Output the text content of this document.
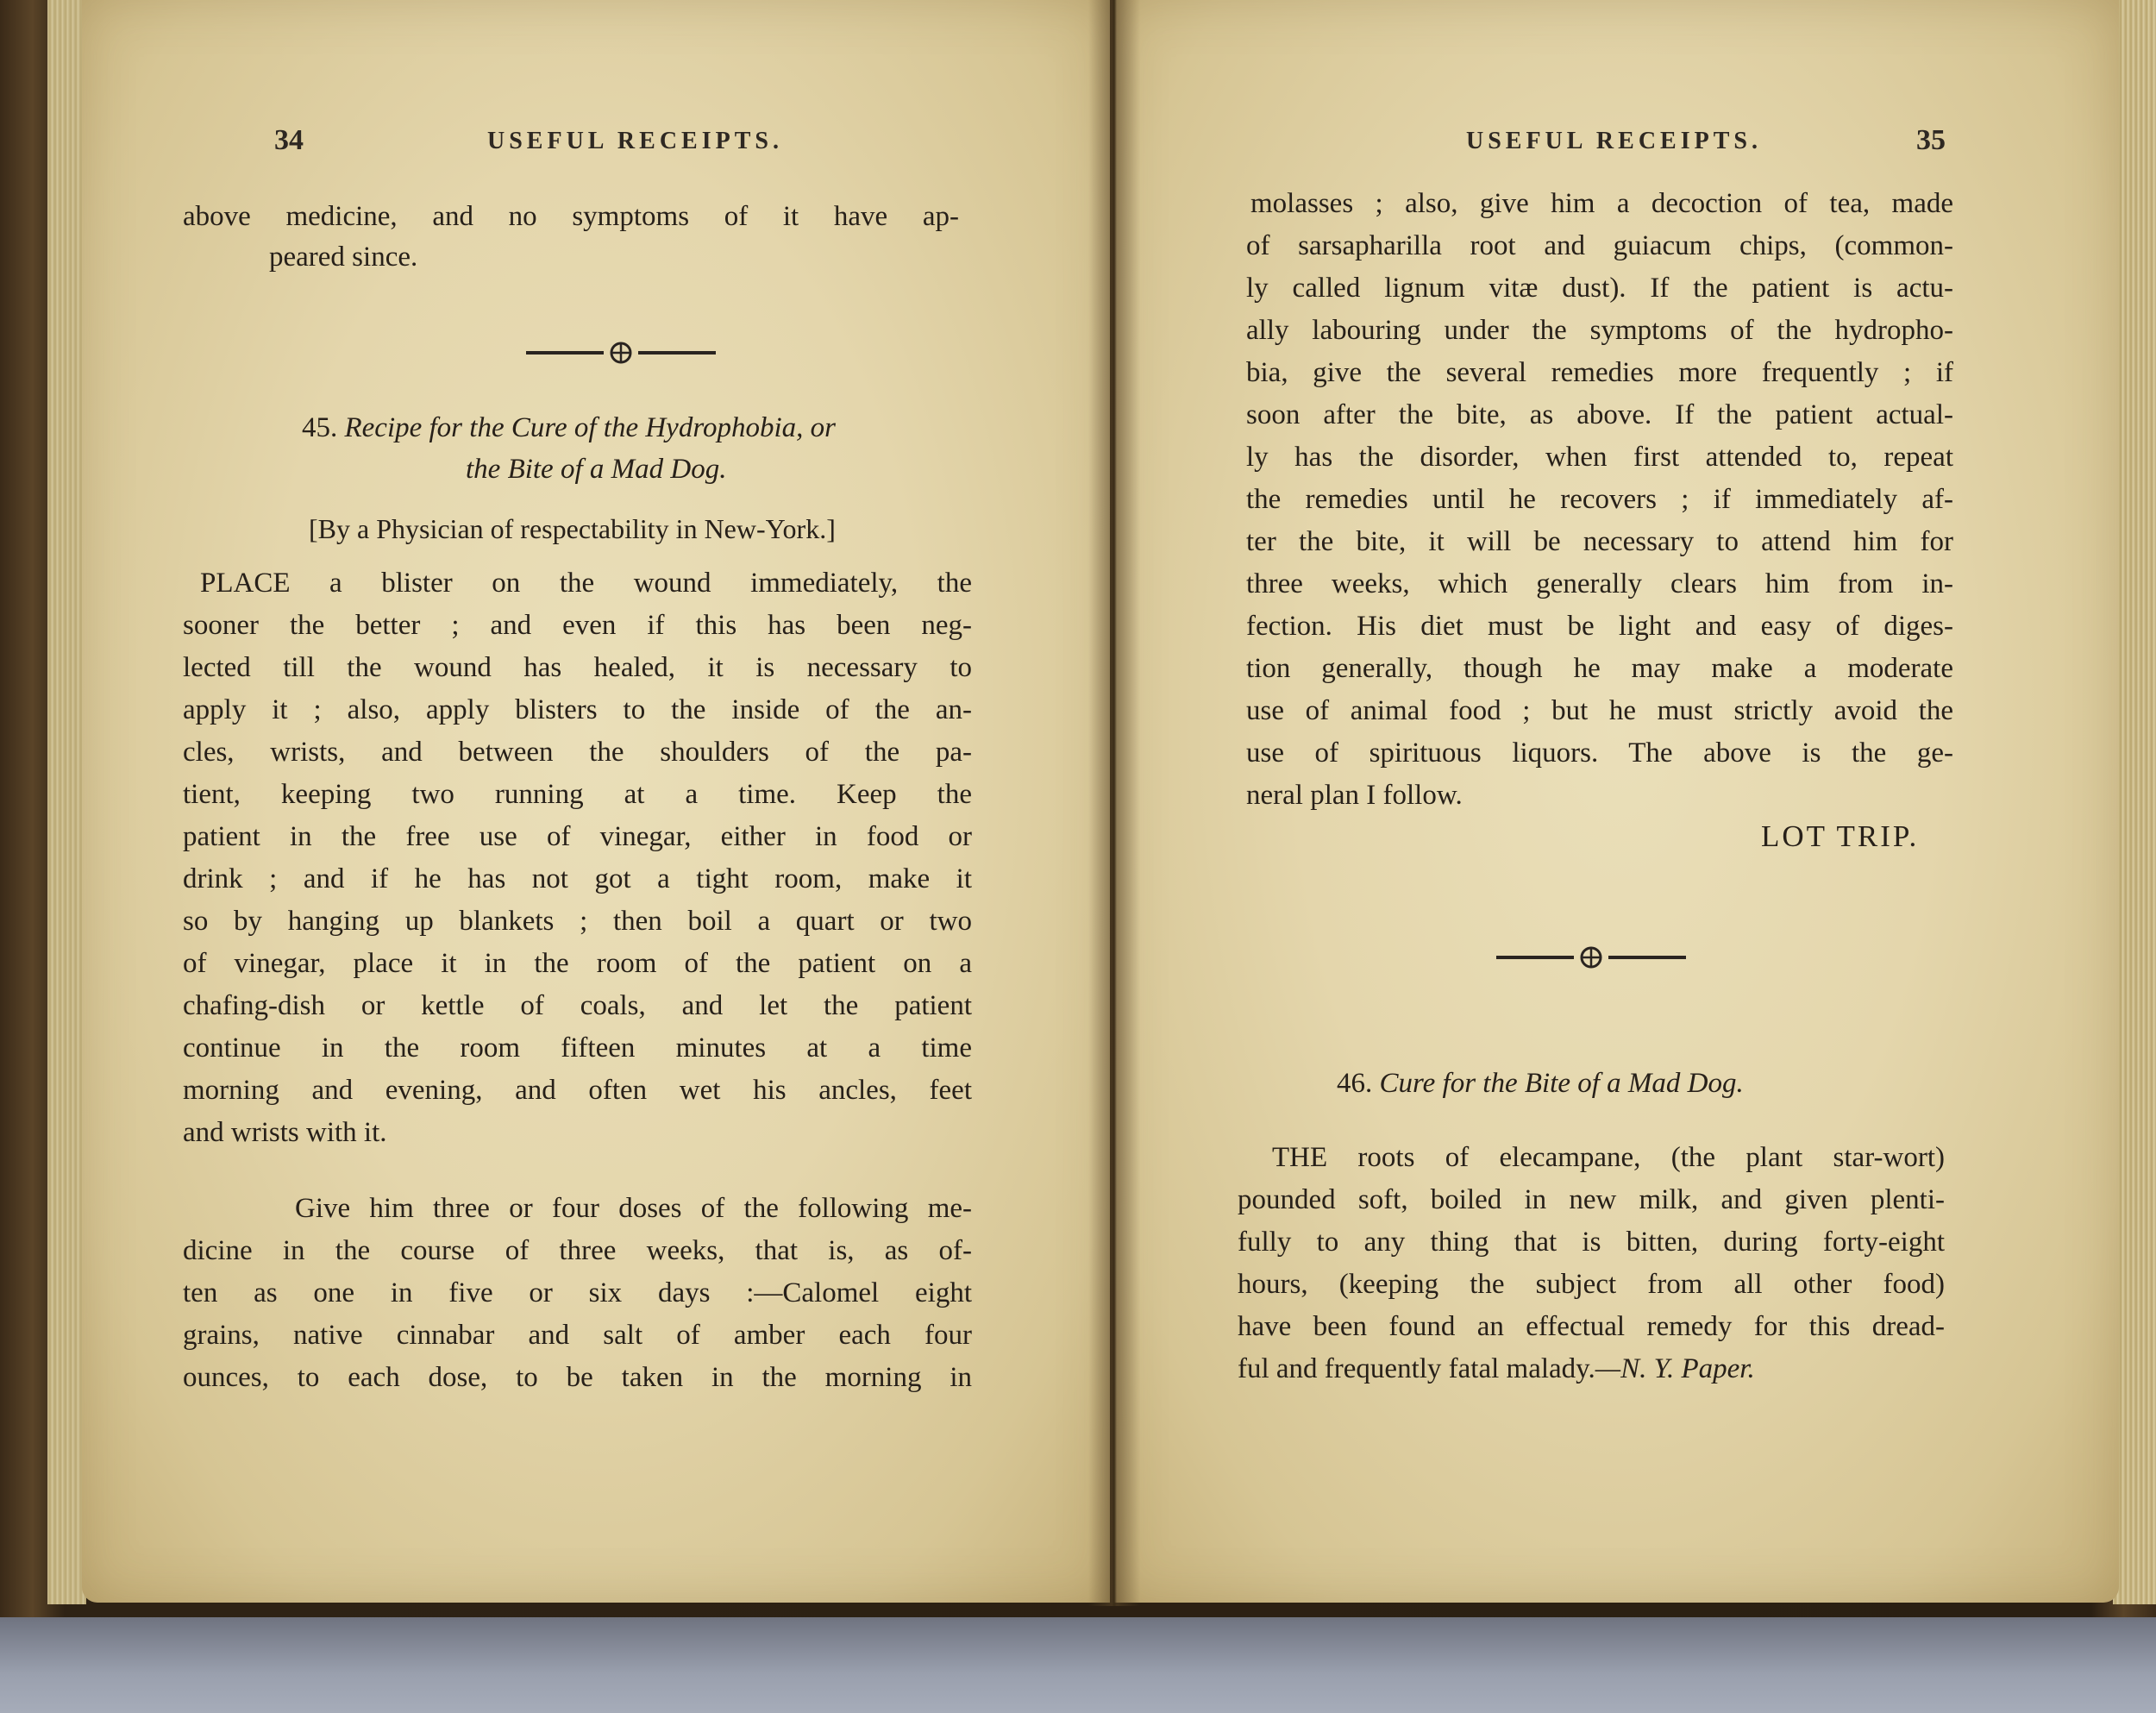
34	USEFUL RECEIPTS.
above medicine, and no symptoms of it have ap-
peared since.
45. Recipe for the Cure of the Hydrophobia, or
the Bite of a Mad Dog.
[By a Physician of respectability in New-York.]
PLACE a blister on the wound immediately, the
sooner the better ; and even if this has been neg-
lected till the wound has healed, it is necessary to
apply it ; also, apply blisters to the inside of the an-
cles, wrists, and between the shoulders of the pa-
tient, keeping two running at a time. Keep the
patient in the free use of vinegar, either in food or
drink ; and if he has not got a tight room, make it
so by hanging up blankets ; then boil a quart or two
of vinegar, place it in the room of the patient on a
chafing-dish or kettle of coals, and let the patient
continue in the room fifteen minutes at a time
morning and evening, and often wet his ancles, feet
and wrists with it.
Give him three or four doses of the following me-
dicine in the course of three weeks, that is, as of-
ten as one in five or six days :—Calomel eight
grains, native cinnabar and salt of amber each four
ounces, to each dose, to be taken in the morning in
USEFUL RECEIPTS.	35
molasses ; also, give him a decoction of tea, made
of sarsapharilla root and guiacum chips, (common-
ly called lignum vitæ dust). If the patient is actu-
ally labouring under the symptoms of the hydropho-
bia, give the several remedies more frequently ; if
soon after the bite, as above. If the patient actual-
ly has the disorder, when first attended to, repeat
the remedies until he recovers ; if immediately af-
ter the bite, it will be necessary to attend him for
three weeks, which generally clears him from in-
fection. His diet must be light and easy of diges-
tion generally, though he may make a moderate
use of animal food ; but he must strictly avoid the
use of spirituous liquors. The above is the ge-
neral plan I follow.
LOT TRIP.
46. Cure for the Bite of a Mad Dog.
THE roots of elecampane, (the plant star-wort)
pounded soft, boiled in new milk, and given plenti-
fully to any thing that is bitten, during forty-eight
hours, (keeping the subject from all other food)
have been found an effectual remedy for this dread-
ful and frequently fatal malady.—N. Y. Paper.
